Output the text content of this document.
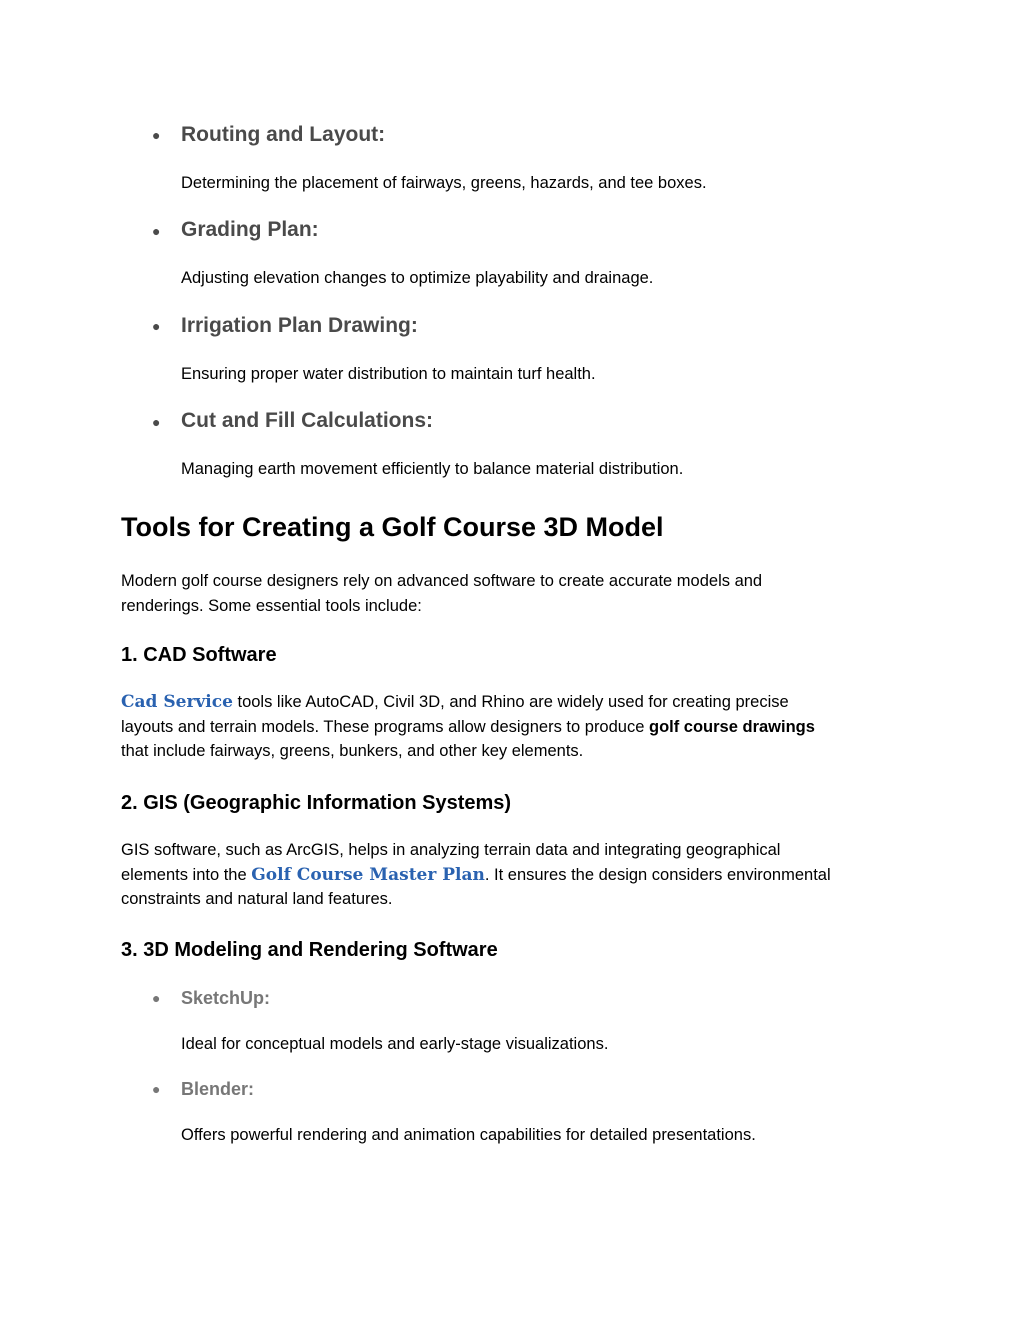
● Routing and Layout:
Determining the placement of fairways, greens, hazards, and tee boxes.
● Grading Plan:
Adjusting elevation changes to optimize playability and drainage.
● Irrigation Plan Drawing:
Ensuring proper water distribution to maintain turf health.
● Cut and Fill Calculations:
Managing earth movement efficiently to balance material distribution.
Tools for Creating a Golf Course 3D Model
Modern golf course designers rely on advanced software to create accurate models and
renderings. Some essential tools include:
1. CAD Software
Cad Service tools like AutoCAD, Civil 3D, and Rhino are widely used for creating precise
layouts and terrain models. These programs allow designers to produce golf course drawings
that include fairways, greens, bunkers, and other key elements.
2. GIS (Geographic Information Systems)
GIS software, such as ArcGIS, helps in analyzing terrain data and integrating geographical
elements into the Golf Course Master Plan. It ensures the design considers environmental
constraints and natural land features.
3. 3D Modeling and Rendering Software
● SketchUp:
Ideal for conceptual models and early-stage visualizations.
● Blender:
Offers powerful rendering and animation capabilities for detailed presentations.
